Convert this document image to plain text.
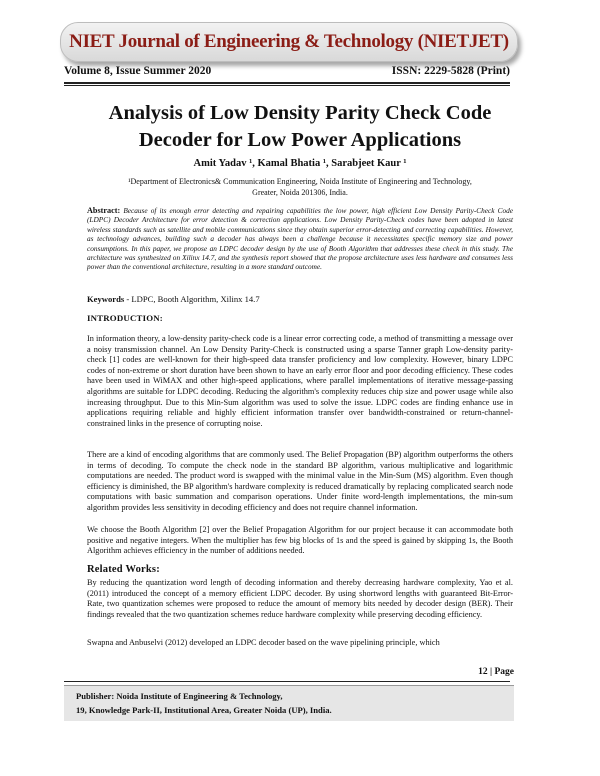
NIET Journal of Engineering & Technology (NIETJET)
Volume 8, Issue Summer 2020	ISSN: 2229-5828 (Print)
Analysis of Low Density Parity Check Code
Decoder for Low Power Applications
Amit Yadav ¹, Kamal Bhatia ¹, Sarabjeet Kaur ¹
¹Department of Electronics& Communication Engineering, Noida Institute of Engineering and Technology,
Greater, Noida 201306, India.
Abstract: Because of its enough error detecting and repairing capabilities the low power, high efficient Low Density Parity-Check Code (LDPC) Decoder Architecture for error detection & correction applications. Low Density Parity-Check codes have been adopted in latest wireless standards such as satellite and mobile communications since they obtain superior error-detecting and correcting capabilities. However, as technology advances, building such a decoder has always been a challenge because it necessitates specific memory size and power consumptions. In this paper, we propose an LDPC decoder design by the use of Booth Algorithm that addresses these check in this study. The architecture was synthesized on Xilinx 14.7, and the synthesis report showed that the propose architecture uses less hardware and consumes less power than the conventional architecture, resulting in a more standard outcome.
Keywords - LDPC, Booth Algorithm, Xilinx 14.7
INTRODUCTION:
In information theory, a low-density parity-check code is a linear error correcting code, a method of transmitting a message over a noisy transmission channel. An Low Density Parity-Check is constructed using a sparse Tanner graph Low-density parity-check [1] codes are well-known for their high-speed data transfer proficiency and low complexity. However, binary LDPC codes of non-extreme or short duration have been shown to have an early error floor and poor decoding efficiency. These codes have been used in WiMAX and other high-speed applications, where parallel implementations of iterative message-passing algorithms are suitable for LDPC decoding. Reducing the algorithm's complexity reduces chip size and power usage while also increasing throughput. Due to this Min-Sum algorithm was used to solve the issue. LDPC codes are finding enhance use in applications requiring reliable and highly efficient information transfer over bandwidth-constrained or return-channel-constrained links in the presence of corrupting noise.
There are a kind of encoding algorithms that are commonly used. The Belief Propagation (BP) algorithm outperforms the others in terms of decoding. To compute the check node in the standard BP algorithm, various multiplicative and logarithmic computations are needed. The product word is swapped with the minimal value in the Min-Sum (MS) algorithm. Even though efficiency is diminished, the BP algorithm's hardware complexity is reduced dramatically by replacing complicated search node computations with basic summation and comparison operations. Under finite word-length implementations, the min-sum algorithm provides less sensitivity in decoding efficiency and does not require channel information.
We choose the Booth Algorithm [2] over the Belief Propagation Algorithm for our project because it can accommodate both positive and negative integers. When the multiplier has few big blocks of 1s and the speed is gained by skipping 1s, the Booth Algorithm achieves efficiency in the number of additions needed.
Related Works:
By reducing the quantization word length of decoding information and thereby decreasing hardware complexity, Yao et al. (2011) introduced the concept of a memory efficient LDPC decoder. By using shortword lengths with guaranteed Bit-Error-Rate, two quantization schemes were proposed to reduce the amount of memory bits needed by decoder design (BER). Their findings revealed that the two quantization schemes reduce hardware complexity while preserving decoding efficiency.
Swapna and Anbuselvi (2012) developed an LDPC decoder based on the wave pipelining principle, which
12 | Page
Publisher: Noida Institute of Engineering & Technology,
19, Knowledge Park-II, Institutional Area, Greater Noida (UP), India.
